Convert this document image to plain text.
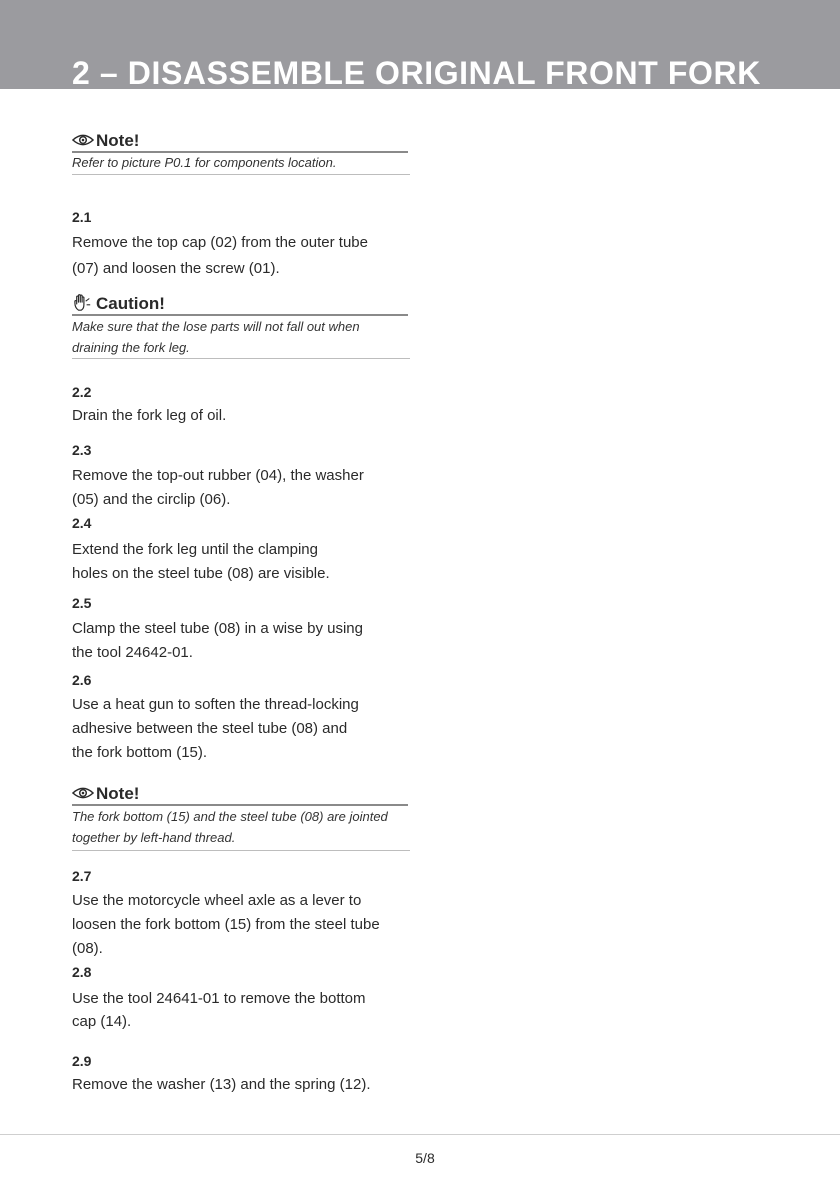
2 – DISASSEMBLE ORIGINAL FRONT FORK
Note!
Refer to picture P0.1 for components location.
2.1
Remove the top cap (02) from the outer tube
(07) and loosen the screw (01).
Caution!
Make sure that the lose parts will not fall out when
draining the fork leg.
2.2
Drain the fork leg of oil.
2.3
Remove the top-out rubber (04), the washer
(05) and the circlip (06).
2.4
Extend the fork leg until the clamping
holes on the steel tube (08) are visible.
2.5
Clamp the steel tube (08) in a wise by using
the tool 24642-01.
2.6
Use a heat gun to soften the thread-locking
adhesive between the steel tube (08) and
the fork bottom (15).
Note!
The fork bottom (15) and the steel tube (08) are jointed
together by left-hand thread.
2.7
Use the motorcycle wheel axle as a lever to
loosen the fork bottom (15) from the steel tube
(08).
2.8
Use the tool 24641-01 to remove the bottom
cap (14).
2.9
Remove the washer (13) and the spring (12).
5/8
